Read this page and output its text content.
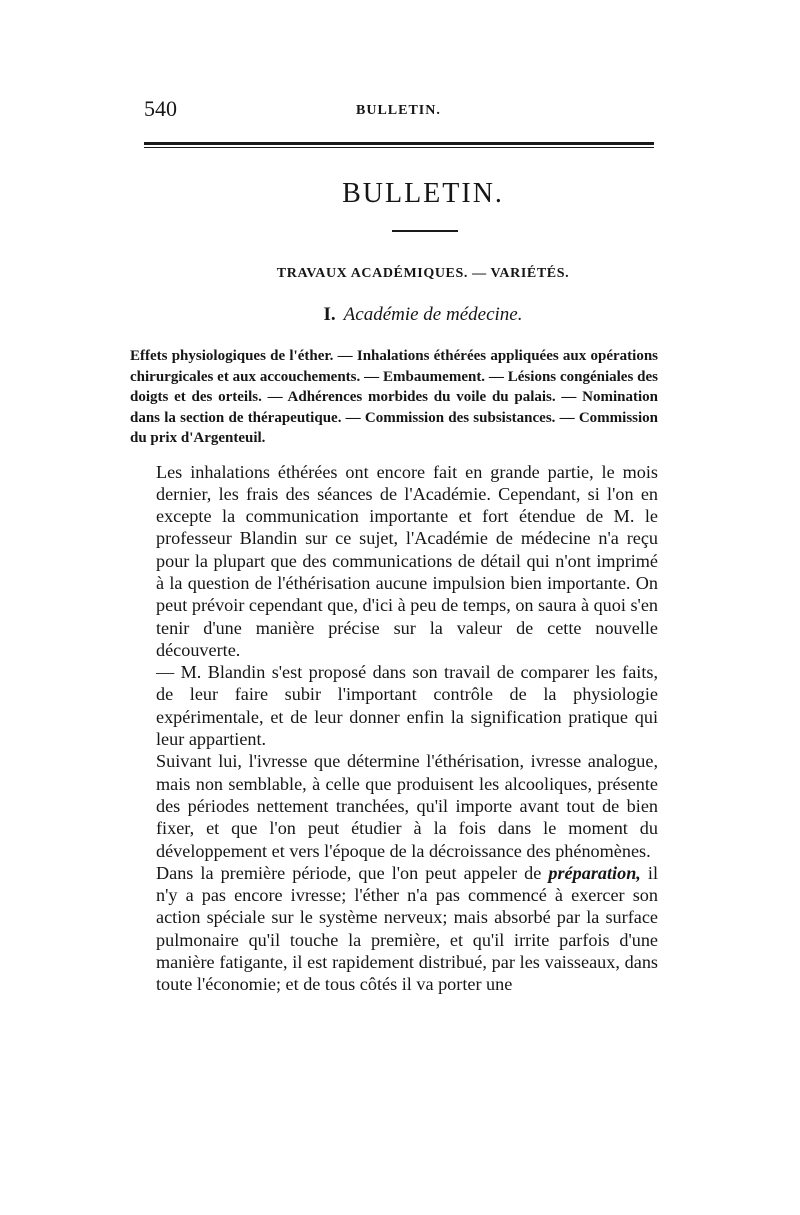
540	BULLETIN.
BULLETIN.
TRAVAUX ACADÉMIQUES. — VARIÉTÉS.
I. Académie de médecine.
Effets physiologiques de l'éther. — Inhalations éthérées appliquées aux opérations chirurgicales et aux accouchements. — Embaumement. — Lésions congéniales des doigts et des orteils. — Adhérences morbides du voile du palais. — Nomination dans la section de thérapeutique. — Commission des subsistances. — Commission du prix d'Argenteuil.

Les inhalations éthérées ont encore fait en grande partie, le mois dernier, les frais des séances de l'Académie. Cependant, si l'on en excepte la communication importante et fort étendue de M. le professeur Blandin sur ce sujet, l'Académie de médecine n'a reçu pour la plupart que des communications de détail qui n'ont imprimé à la question de l'éthérisation aucune impulsion bien importante. On peut prévoir cependant que, d'ici à peu de temps, on saura à quoi s'en tenir d'une manière précise sur la valeur de cette nouvelle découverte.

— M. Blandin s'est proposé dans son travail de comparer les faits, de leur faire subir l'important contrôle de la physiologie expérimentale, et de leur donner enfin la signification pratique qui leur appartient.

Suivant lui, l'ivresse que détermine l'éthérisation, ivresse analogue, mais non semblable, à celle que produisent les alcooliques, présente des périodes nettement tranchées, qu'il importe avant tout de bien fixer, et que l'on peut étudier à la fois dans le moment du développement et vers l'époque de la décroissance des phénomènes.

Dans la première période, que l'on peut appeler de préparation, il n'y a pas encore ivresse; l'éther n'a pas commencé à exercer son action spéciale sur le système nerveux; mais absorbé par la surface pulmonaire qu'il touche la première, et qu'il irrite parfois d'une manière fatigante, il est rapidement distribué, par les vaisseaux, dans toute l'économie; et de tous côtés il va porter une
